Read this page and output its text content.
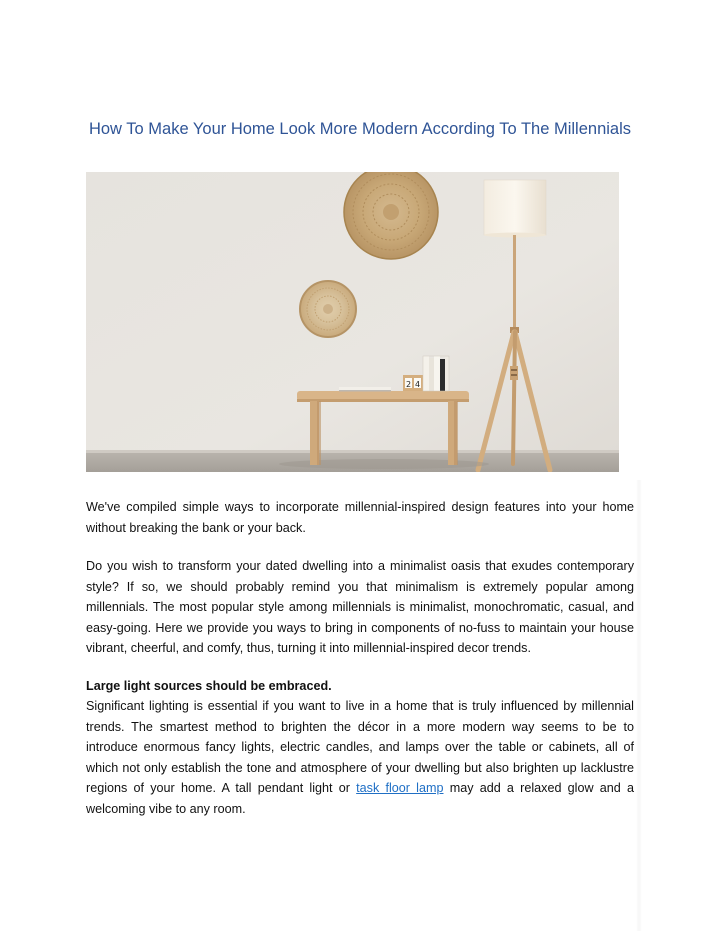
How To Make Your Home Look More Modern According To The Millennials
2 4

We've compiled simple ways to incorporate millennial-inspired design features into your home without breaking the bank or your back.

Do you wish to transform your dated dwelling into a minimalist oasis that exudes contemporary style? If so, we should probably remind you that minimalism is extremely popular among millennials. The most popular style among millennials is minimalist, monochromatic, casual, and easy-going. Here we provide you ways to bring in components of no-fuss to maintain your house vibrant, cheerful, and comfy, thus, turning it into millennial-inspired decor trends.

Large light sources should be embraced.

Significant lighting is essential if you want to live in a home that is truly influenced by millennial trends. The smartest method to brighten the décor in a more modern way seems to be to introduce enormous fancy lights, electric candles, and lamps over the table or cabinets, all of which not only establish the tone and atmosphere of your dwelling but also brighten up lacklustre regions of your home. A tall pendant light or task floor lamp may add a relaxed glow and a welcoming vibe to any room.
